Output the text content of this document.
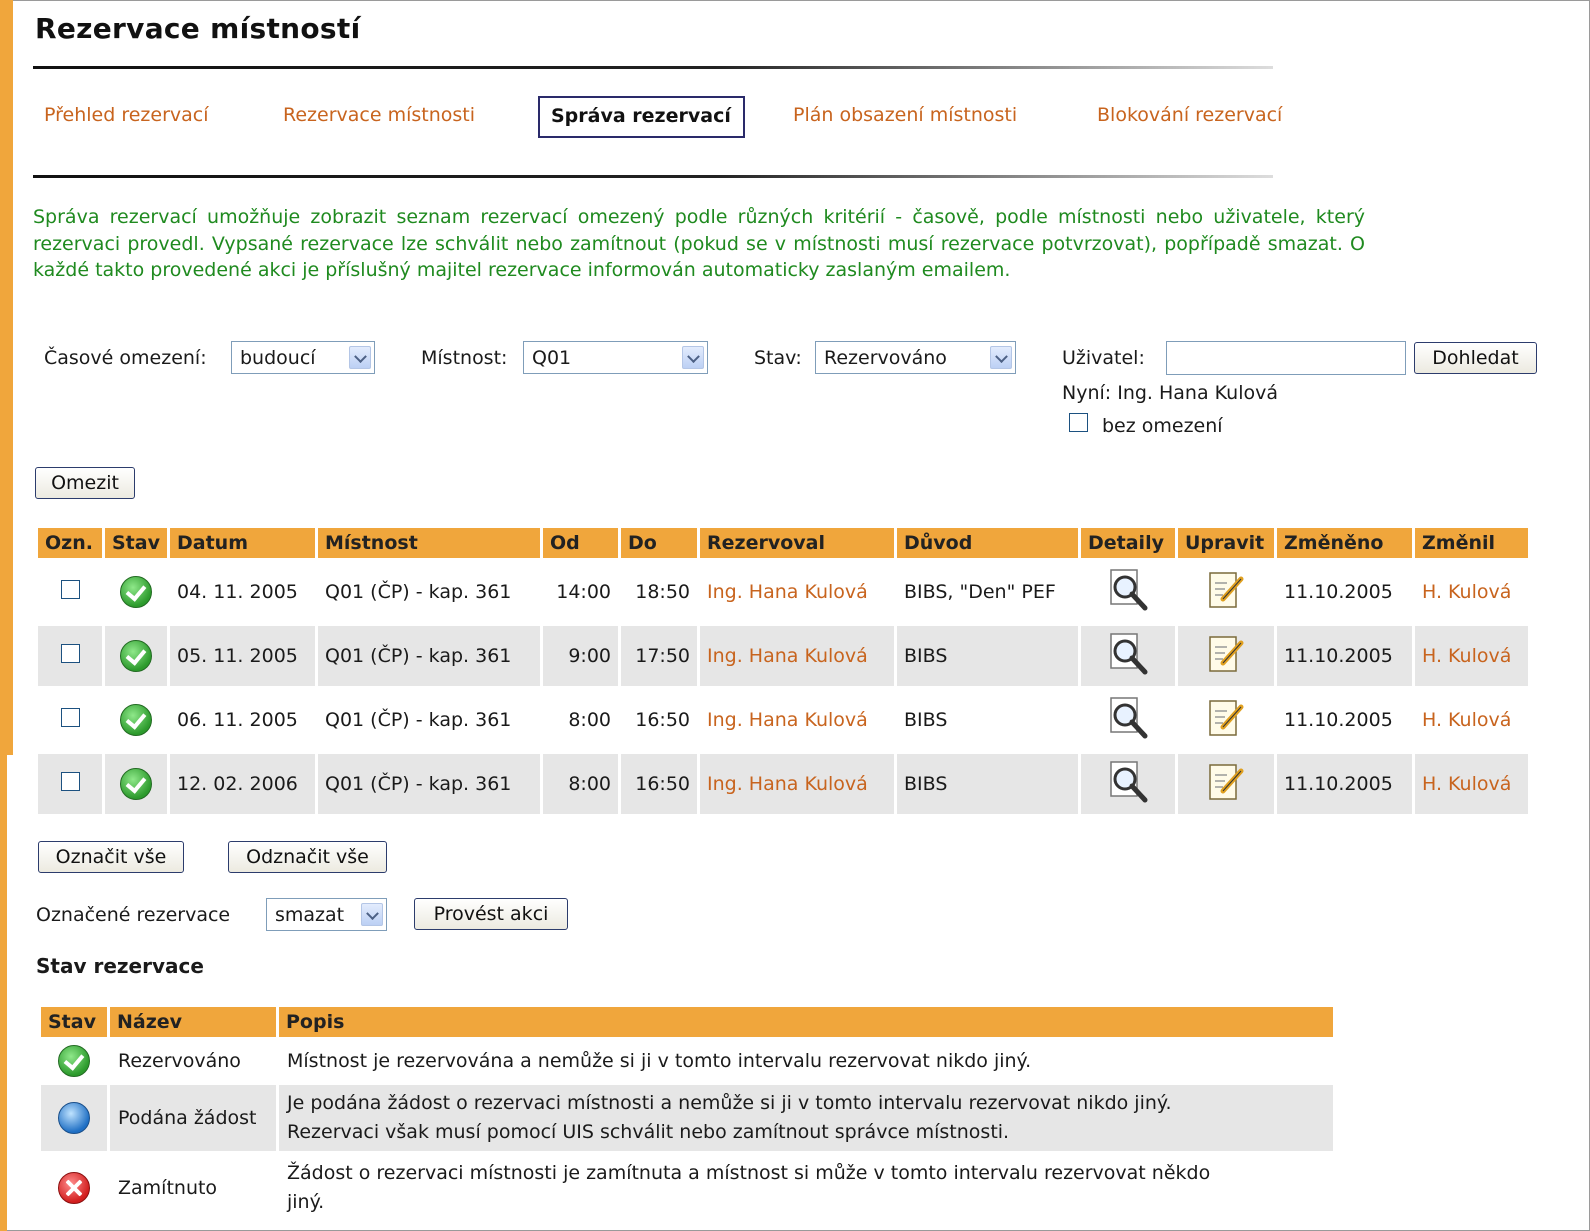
Rezervace místností
Přehled rezervací	Rezervace místnosti	Správa rezervací	Plán obsazení místnosti	Blokování rezervací

Správa rezervací umožňuje zobrazit seznam rezervací omezený podle různých kritérií - časově, podle místnosti nebo uživatele, který rezervaci provedl. Vypsané rezervace lze schválit nebo zamítnout (pokud se v místnosti musí rezervace potvrzovat), popřípadě smazat. O každé takto provedené akci je příslušný majitel rezervace informován automaticky zaslaným emailem.

Časové omezení: budoucí	Místnost: Q01	Stav: Rezervováno	Uživatel:	Dohledat
Nyní: Ing. Hana Kulová
bez omezení
Omezit
Ozn.	Stav	Datum	Místnost	Od	Do	Rezervoval	Důvod	Detaily	Upravit	Změněno	Změnil
		04. 11. 2005	Q01 (ČP) - kap. 361	14:00	18:50	Ing. Hana Kulová	BIBS, "Den" PEF			11.10.2005	H. Kulová
		05. 11. 2005	Q01 (ČP) - kap. 361	9:00	17:50	Ing. Hana Kulová	BIBS			11.10.2005	H. Kulová
		06. 11. 2005	Q01 (ČP) - kap. 361	8:00	16:50	Ing. Hana Kulová	BIBS			11.10.2005	H. Kulová
		12. 02. 2006	Q01 (ČP) - kap. 361	8:00	16:50	Ing. Hana Kulová	BIBS			11.10.2005	H. Kulová
Označit vše	Odznačit vše
Označené rezervace smazat	Provést akci
Stav rezervace
Stav	Název	Popis
	Rezervováno	Místnost je rezervována a nemůže si ji v tomto intervalu rezervovat nikdo jiný.
	Podána žádost	Je podána žádost o rezervaci místnosti a nemůže si ji v tomto intervalu rezervovat nikdo jiný.
Rezervaci však musí pomocí UIS schválit nebo zamítnout správce místnosti.

	Zamítnuto	Žádost o rezervaci místnosti je zamítnuta a místnost si může v tomto intervalu rezervovat někdo
jiný.
